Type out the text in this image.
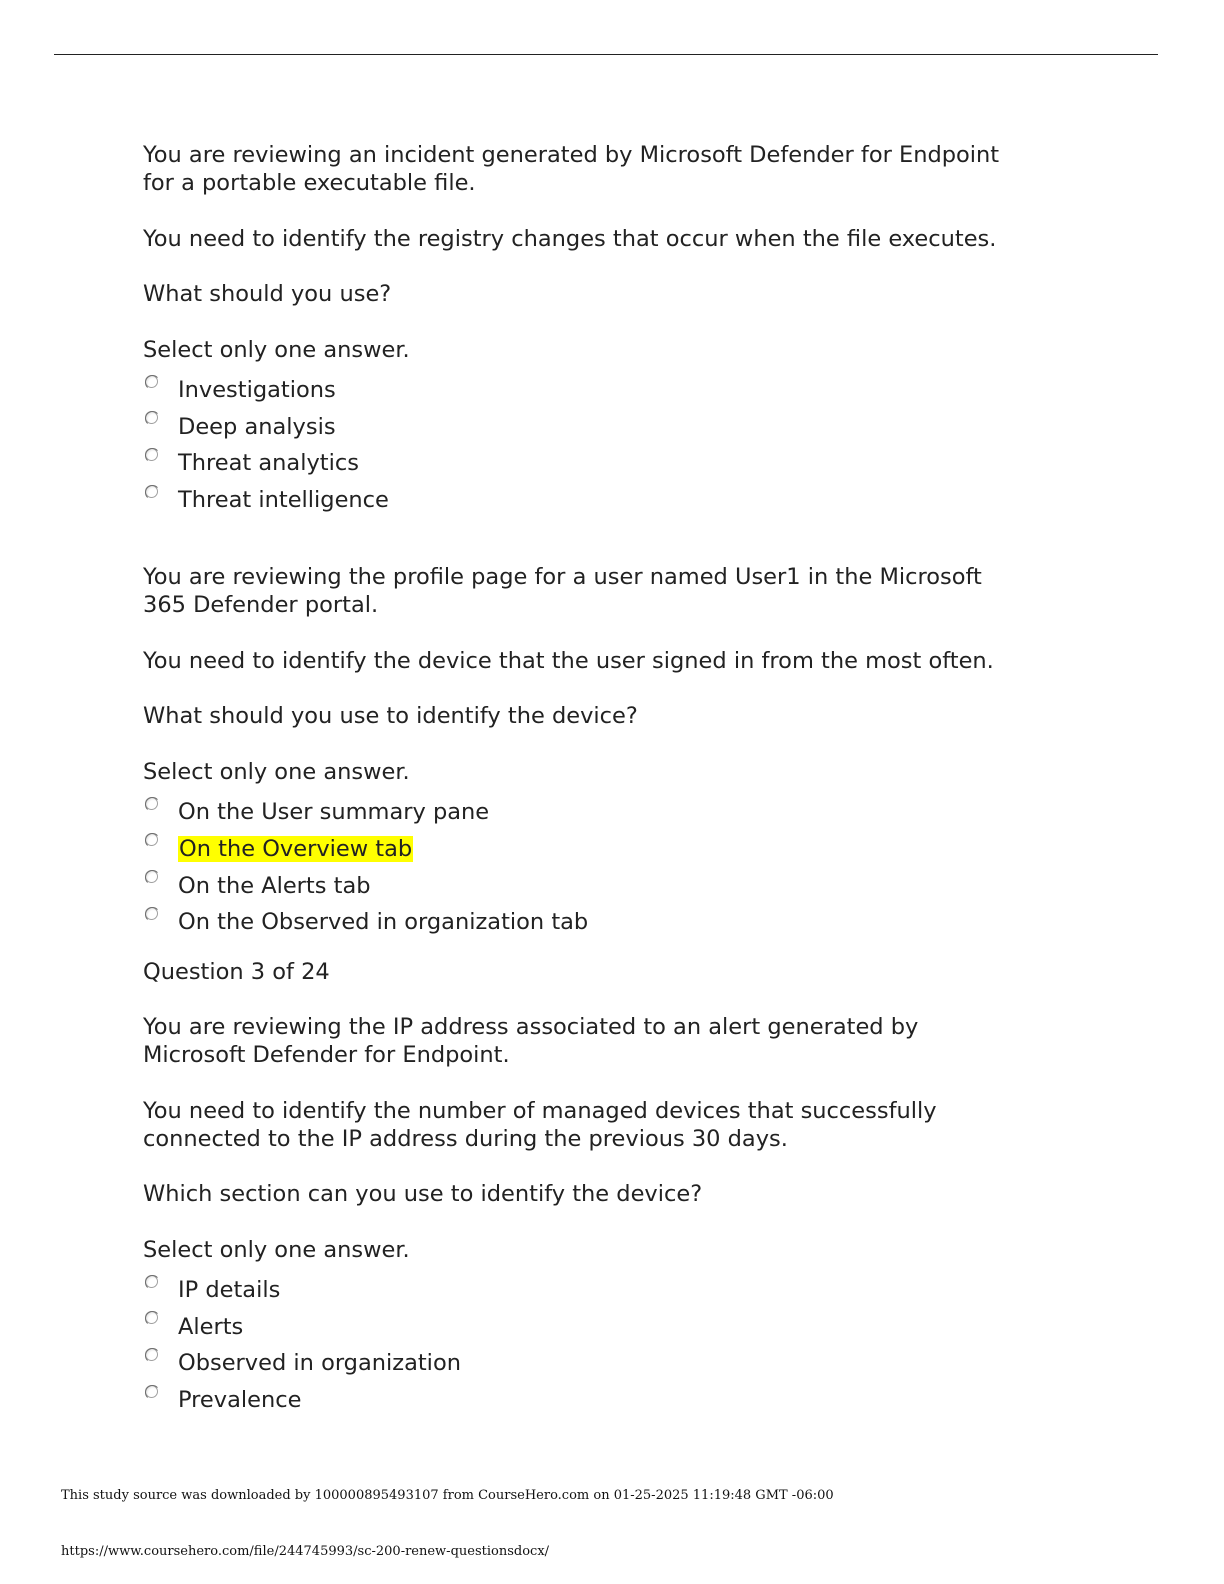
You are reviewing an incident generated by Microsoft Defender for Endpoint
for a portable executable file.

You need to identify the registry changes that occur when the file executes.

What should you use?

Select only one answer.

Investigations
Deep analysis
Threat analytics
Threat intelligence

You are reviewing the profile page for a user named User1 in the Microsoft
365 Defender portal.

You need to identify the device that the user signed in from the most often.

What should you use to identify the device?

Select only one answer.

On the User summary pane
On the Overview tab
On the Alerts tab
On the Observed in organization tab

Question 3 of 24

You are reviewing the IP address associated to an alert generated by
Microsoft Defender for Endpoint.

You need to identify the number of managed devices that successfully
connected to the IP address during the previous 30 days.

Which section can you use to identify the device?

Select only one answer.

IP details
Alerts
Observed in organization
Prevalence
This study source was downloaded by 100000895493107 from CourseHero.com on 01-25-2025 11:19:48 GMT -06:00
https://www.coursehero.com/file/244745993/sc-200-renew-questionsdocx/
